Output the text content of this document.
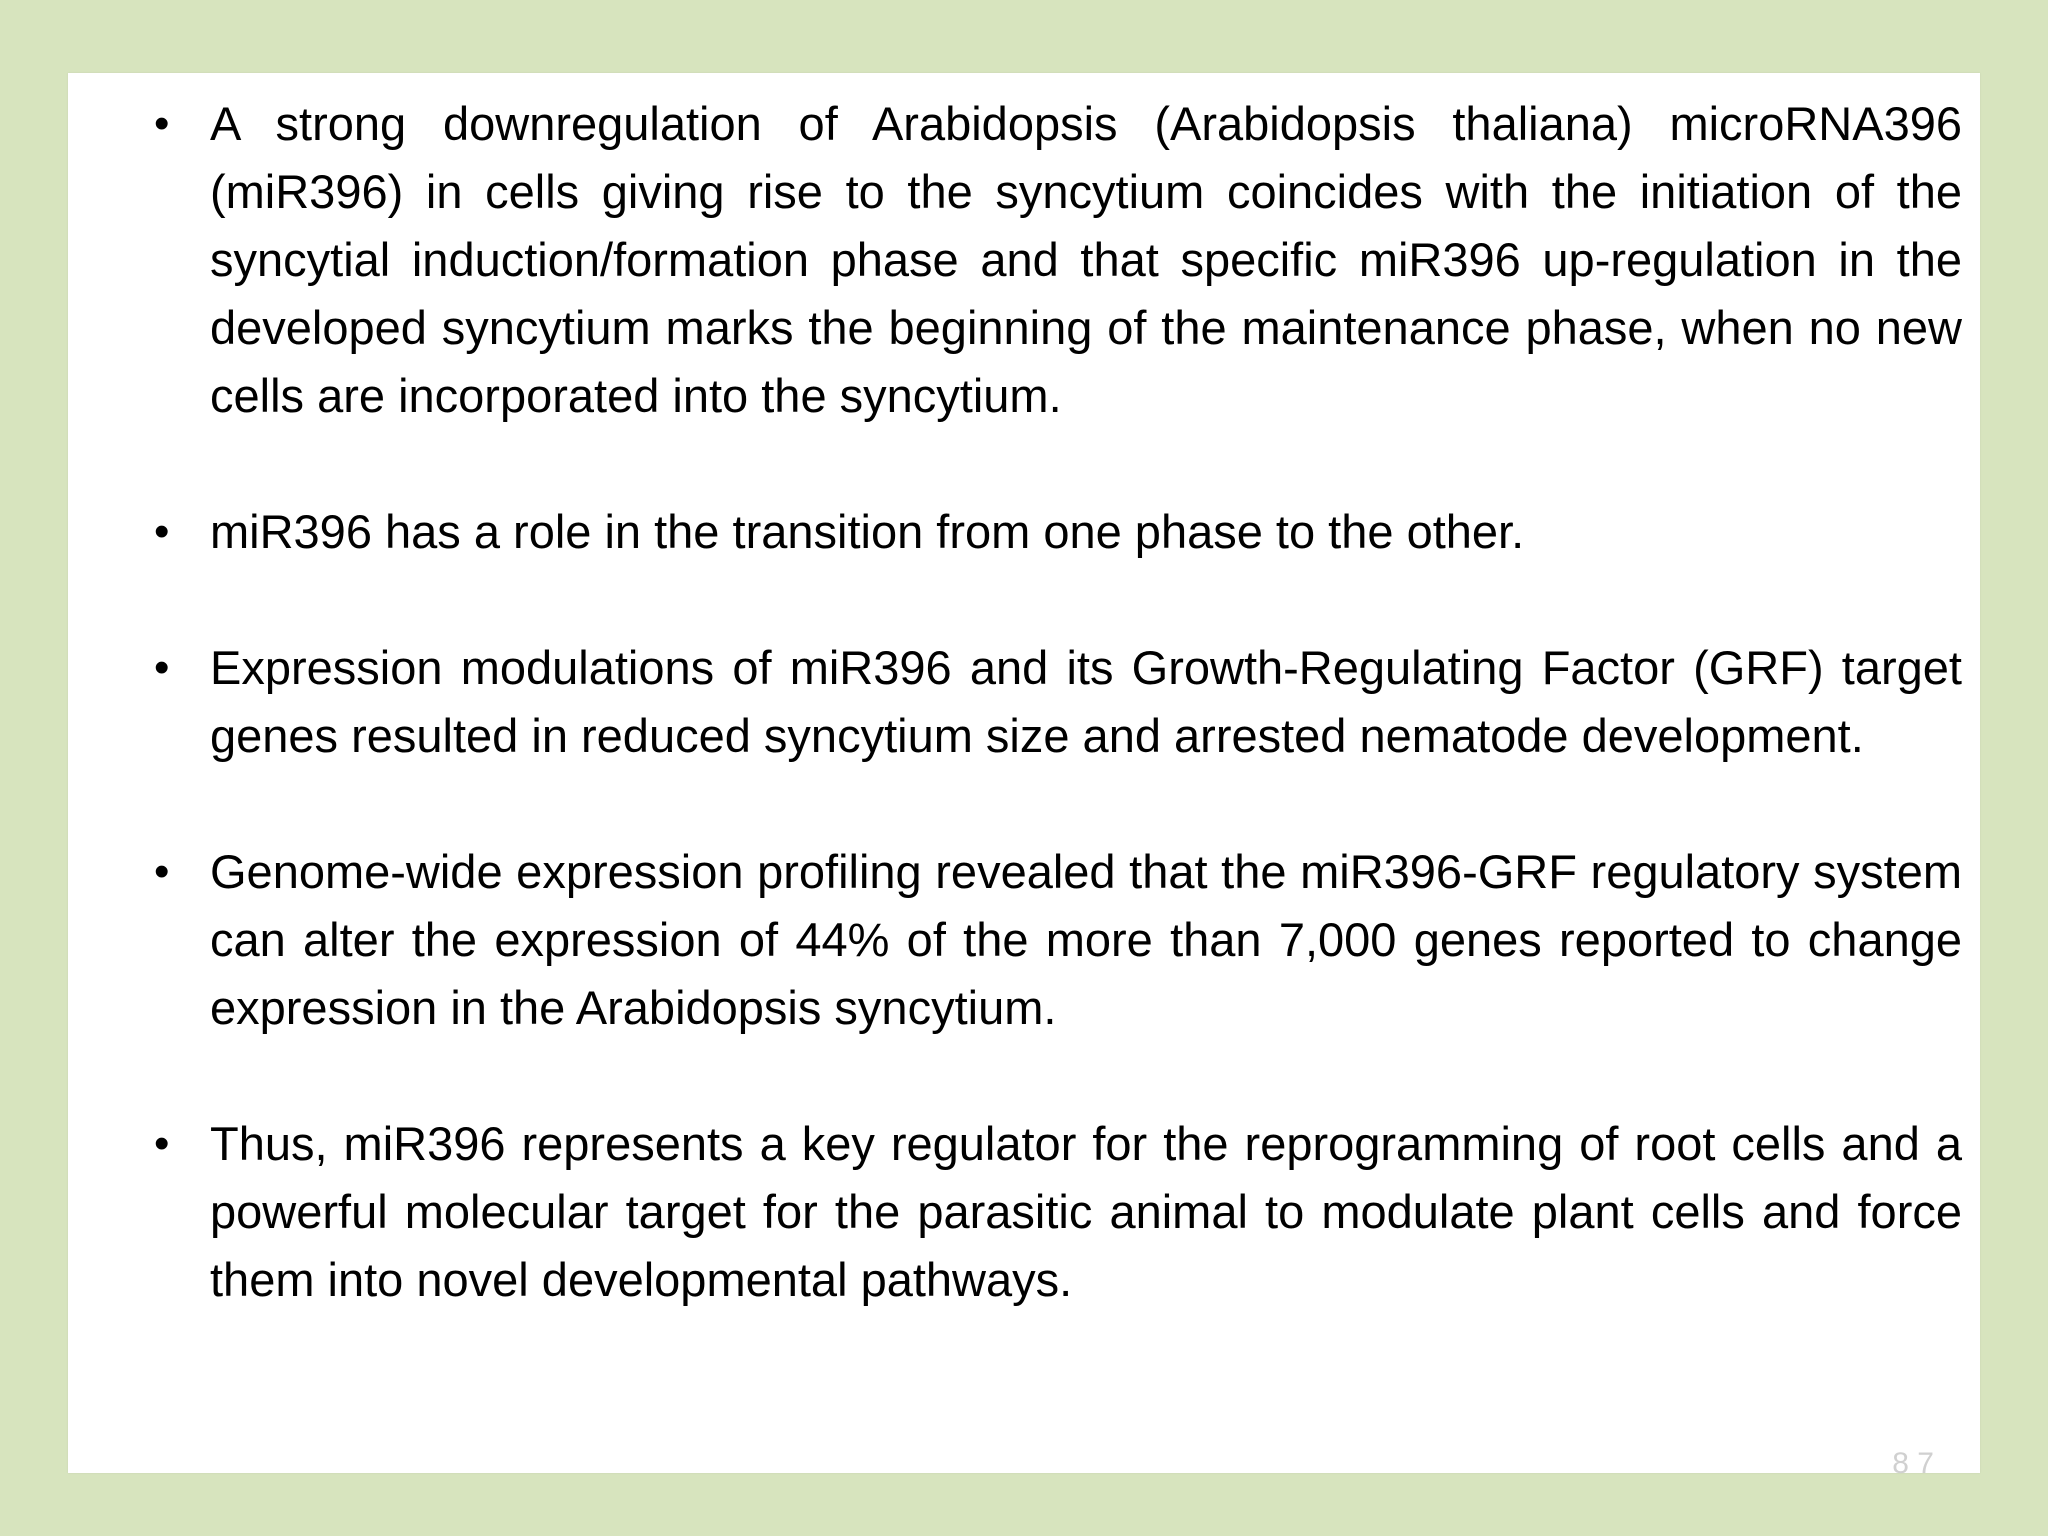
• A strong downregulation of Arabidopsis (Arabidopsis thaliana) microRNA396 (miR396) in cells giving rise to the syncytium coincides with the initiation of the syncytial induction/formation phase and that specific miR396 up-regulation in the developed syncytium marks the beginning of the maintenance phase, when no new cells are incorporated into the syncytium.
• miR396 has a role in the transition from one phase to the other.
• Expression modulations of miR396 and its Growth-Regulating Factor (GRF) target genes resulted in reduced syncytium size and arrested nematode development.
• Genome-wide expression profiling revealed that the miR396-GRF regulatory system can alter the expression of 44% of the more than 7,000 genes reported to change expression in the Arabidopsis syncytium.
• Thus, miR396 represents a key regulator for the reprogramming of root cells and a powerful molecular target for the parasitic animal to modulate plant cells and force them into novel developmental pathways.
8 7
